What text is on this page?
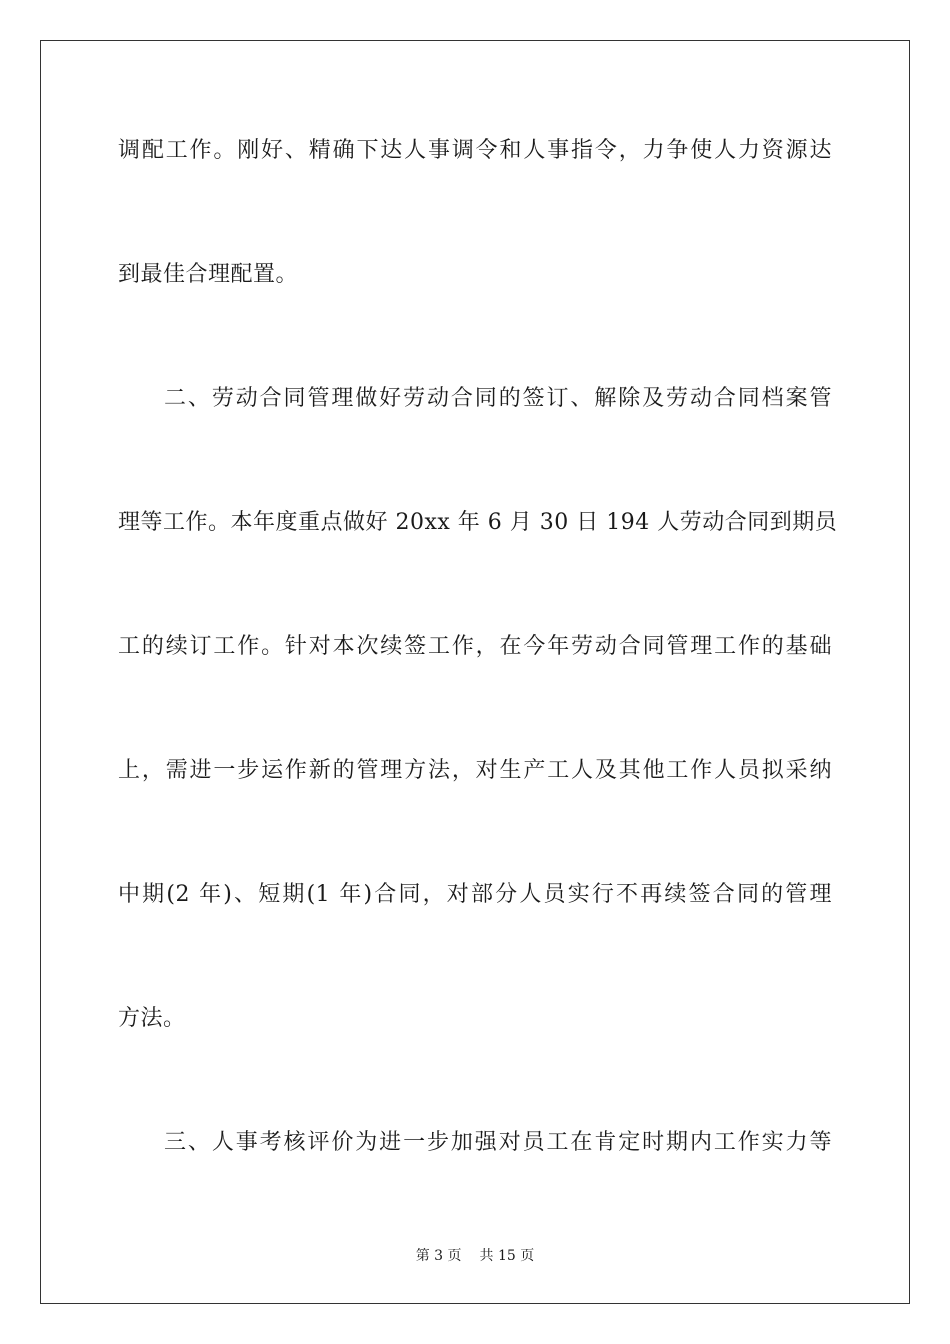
调配工作。刚好、精确下达人事调令和人事指令，力争使人力资源达
到最佳合理配置。
二、劳动合同管理做好劳动合同的签订、解除及劳动合同档案管
理等工作。本年度重点做好 20xx 年 6 月 30 日 194 人劳动合同到期员
工的续订工作。针对本次续签工作，在今年劳动合同管理工作的基础
上，需进一步运作新的管理方法，对生产工人及其他工作人员拟采纳
中期(2 年)、短期(1 年)合同，对部分人员实行不再续签合同的管理
方法。
三、人事考核评价为进一步加强对员工在肯定时期内工作实力等
第 3 页 共 15 页
